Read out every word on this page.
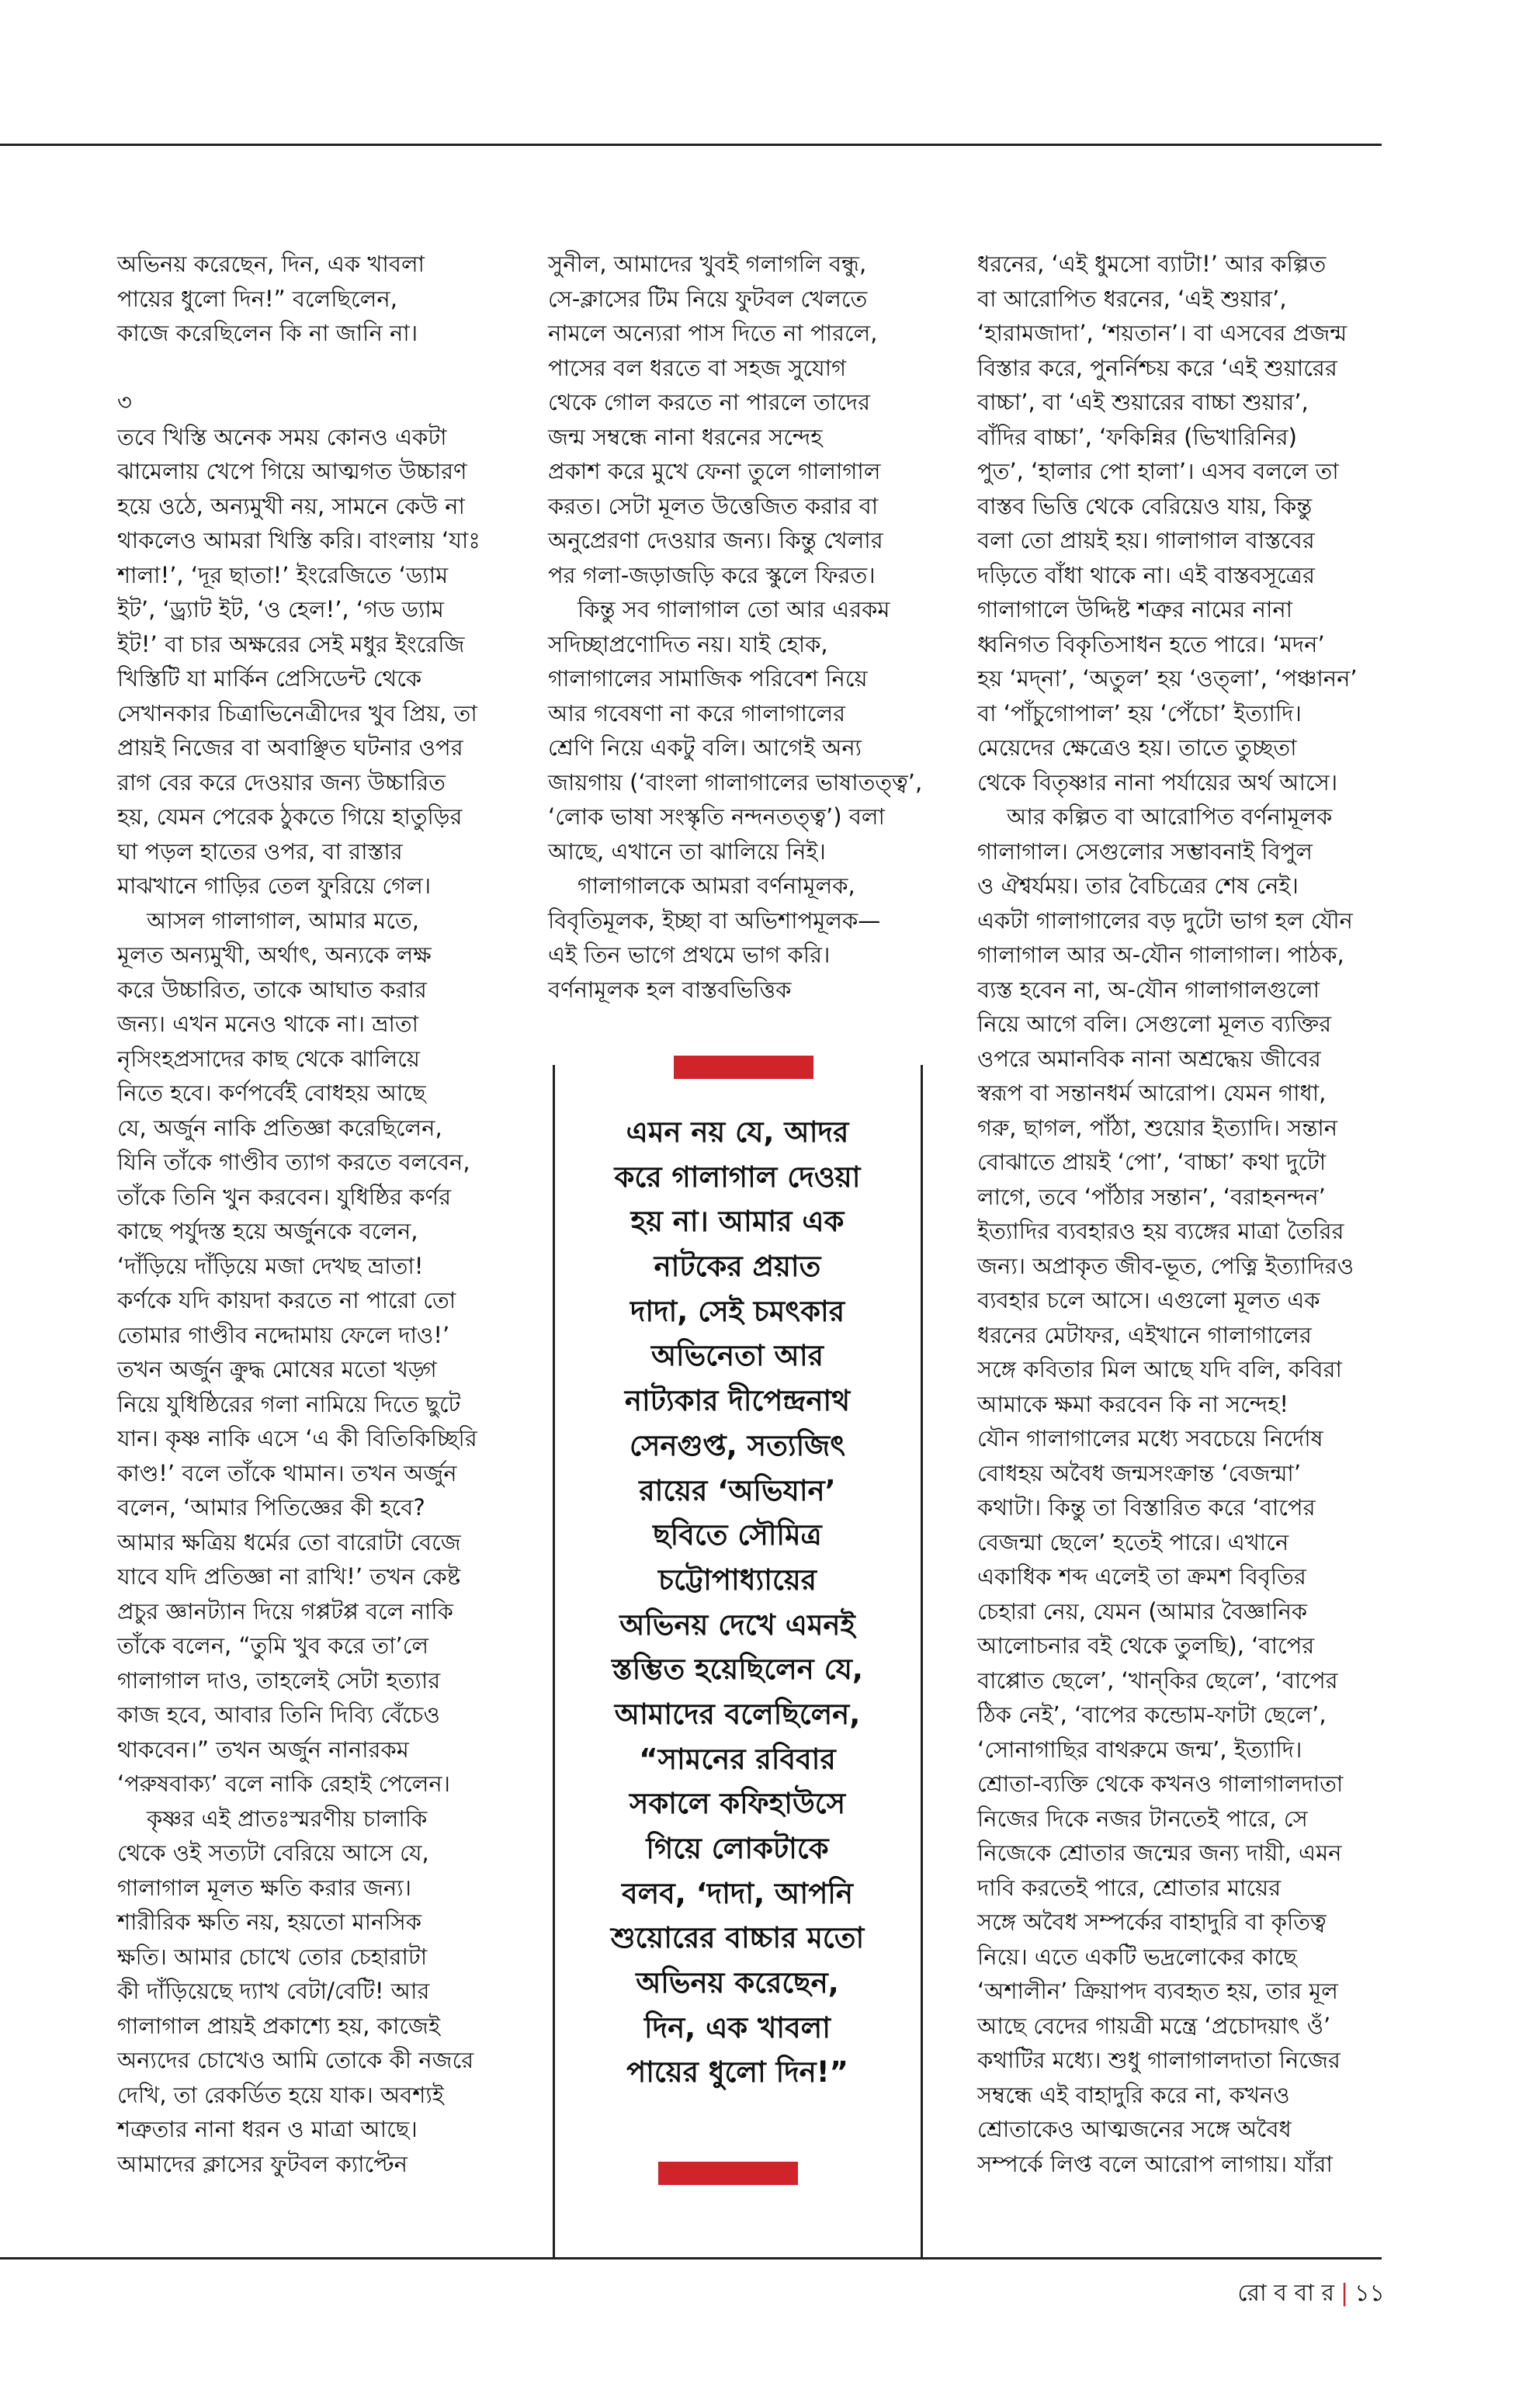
অভিনয় করেছেন, দিন, এক খাবলা
পায়ের ধুলো দিন!” বলেছিলেন,
কাজে করেছিলেন কি না জানি না।
৩
তবে খিস্তি অনেক সময় কোনও একটা
ঝামেলায় খেপে গিয়ে আত্মগত উচ্চারণ
হয়ে ওঠে, অন্যমুখী নয়, সামনে কেউ না
থাকলেও আমরা খিস্তি করি। বাংলায় ‘যাঃ
শালা!’, ‘দূর ছাতা!’ ইংরেজিতে ‘ড্যাম
ইট’, ‘ড্র্যাট ইট, ‘ও হেল!’, ‘গড ড্যাম
ইট!’ বা চার অক্ষরের সেই মধুর ইংরেজি
খিস্তিটি যা মার্কিন প্রেসিডেন্ট থেকে
সেখানকার চিত্রাভিনেত্রীদের খুব প্রিয়, তা
প্রায়ই নিজের বা অবাঞ্ছিত ঘটনার ওপর
রাগ বের করে দেওয়ার জন্য উচ্চারিত
হয়, যেমন পেরেক ঠুকতে গিয়ে হাতুড়ির
ঘা পড়ল হাতের ওপর, বা রাস্তার
মাঝখানে গাড়ির তেল ফুরিয়ে গেল।
আসল গালাগাল, আমার মতে,
মূলত অন্যমুখী, অর্থাৎ, অন্যকে লক্ষ
করে উচ্চারিত, তাকে আঘাত করার
জন্য। এখন মনেও থাকে না। ভ্রাতা
নৃসিংহপ্রসাদের কাছ থেকে ঝালিয়ে
নিতে হবে। কর্ণপর্বেই বোধহয় আছে
যে, অর্জুন নাকি প্রতিজ্ঞা করেছিলেন,
যিনি তাঁকে গাণ্ডীব ত্যাগ করতে বলবেন,
তাঁকে তিনি খুন করবেন। যুধিষ্ঠির কর্ণর
কাছে পর্যুদস্ত হয়ে অর্জুনকে বলেন,
‘দাঁড়িয়ে দাঁড়িয়ে মজা দেখছ ভ্রাতা!
কর্ণকে যদি কায়দা করতে না পারো তো
তোমার গাণ্ডীব নদ্দোমায় ফেলে দাও!’
তখন অর্জুন ক্রুদ্ধ মোষের মতো খড়্গ
নিয়ে যুধিষ্ঠিরের গলা নামিয়ে দিতে ছুটে
যান। কৃষ্ণ নাকি এসে ‘এ কী বিতিকিচ্ছিরি
কাণ্ড!’ বলে তাঁকে থামান। তখন অর্জুন
বলেন, ‘আমার পিতিজ্ঞের কী হবে?
আমার ক্ষত্রিয় ধর্মের তো বারোটা বেজে
যাবে যদি প্রতিজ্ঞা না রাখি!’ তখন কেষ্ট
প্রচুর জ্ঞানট্যান দিয়ে গপ্পটপ্প বলে নাকি
তাঁকে বলেন, “তুমি খুব করে তা’লে
গালাগাল দাও, তাহলেই সেটা হত্যার
কাজ হবে, আবার তিনি দিব্যি বেঁচেও
থাকবেন।” তখন অর্জুন নানারকম
‘পরুষবাক্য’ বলে নাকি রেহাই পেলেন।
কৃষ্ণর এই প্রাতঃস্মরণীয় চালাকি
থেকে ওই সত্যটা বেরিয়ে আসে যে,
গালাগাল মূলত ক্ষতি করার জন্য।
শারীরিক ক্ষতি নয়, হয়তো মানসিক
ক্ষতি। আমার চোখে তোর চেহারাটা
কী দাঁড়িয়েছে দ্যাখ বেটা/বেটি! আর
গালাগাল প্রায়ই প্রকাশ্যে হয়, কাজেই
অন্যদের চোখেও আমি তোকে কী নজরে
দেখি, তা রেকর্ডিত হয়ে যাক। অবশ্যই
শত্রুতার নানা ধরন ও মাত্রা আছে।
আমাদের ক্লাসের ফুটবল ক্যাপ্টেন
সুনীল, আমাদের খুবই গলাগলি বন্ধু,
সে-ক্লাসের টিম নিয়ে ফুটবল খেলতে
নামলে অন্যেরা পাস দিতে না পারলে,
পাসের বল ধরতে বা সহজ সুযোগ
থেকে গোল করতে না পারলে তাদের
জন্ম সম্বন্ধে নানা ধরনের সন্দেহ
প্রকাশ করে মুখে ফেনা তুলে গালাগাল
করত। সেটা মূলত উত্তেজিত করার বা
অনুপ্রেরণা দেওয়ার জন্য। কিন্তু খেলার
পর গলা-জড়াজড়ি করে স্কুলে ফিরত।
কিন্তু সব গালাগাল তো আর এরকম
সদিচ্ছাপ্রণোদিত নয়। যাই হোক,
গালাগালের সামাজিক পরিবেশ নিয়ে
আর গবেষণা না করে গালাগালের
শ্রেণি নিয়ে একটু বলি। আগেই অন্য
জায়গায় (‘বাংলা গালাগালের ভাষাতত্ত্ব’,
‘লোক ভাষা সংস্কৃতি নন্দনতত্ত্ব’) বলা
আছে, এখানে তা ঝালিয়ে নিই।
গালাগালকে আমরা বর্ণনামূলক,
বিবৃতিমূলক, ইচ্ছা বা অভিশাপমূলক—
এই তিন ভাগে প্রথমে ভাগ করি।
বর্ণনামূলক হল বাস্তবভিত্তিক
ধরনের, ‘এই ধুমসো ব্যাটা!’ আর কল্পিত
বা আরোপিত ধরনের, ‘এই শুয়ার’,
‘হারামজাদা’, ‘শয়তান’। বা এসবের প্রজন্ম
বিস্তার করে, পুনর্নিশ্চয় করে ‘এই শুয়ারের
বাচ্চা’, বা ‘এই শুয়ারের বাচ্চা শুয়ার’,
বাঁদির বাচ্চা’, ‘ফকিন্নির (ভিখারিনির)
পুত’, ‘হালার পো হালা’। এসব বললে তা
বাস্তব ভিত্তি থেকে বেরিয়েও যায়, কিন্তু
বলা তো প্রায়ই হয়। গালাগাল বাস্তবের
দড়িতে বাঁধা থাকে না। এই বাস্তবসূত্রের
গালাগালে উদ্দিষ্ট শত্রুর নামের নানা
ধ্বনিগত বিকৃতিসাধন হতে পারে। ‘মদন’
হয় ‘মদ্‌না’, ‘অতুল’ হয় ‘ওত্‌লা’, ‘পঞ্চানন’
বা ‘পাঁচুগোপাল’ হয় ‘পেঁচো’ ইত্যাদি।
মেয়েদের ক্ষেত্রেও হয়। তাতে তুচ্ছতা
থেকে বিতৃষ্ণার নানা পর্যায়ের অর্থ আসে।
আর কল্পিত বা আরোপিত বর্ণনামূলক
গালাগাল। সেগুলোর সম্ভাবনাই বিপুল
ও ঐশ্বর্যময়। তার বৈচিত্রের শেষ নেই।
একটা গালাগালের বড় দুটো ভাগ হল যৌন
গালাগাল আর অ-যৌন গালাগাল। পাঠক,
ব্যস্ত হবেন না, অ-যৌন গালাগালগুলো
নিয়ে আগে বলি। সেগুলো মূলত ব্যক্তির
ওপরে অমানবিক নানা অশ্রদ্ধেয় জীবের
স্বরূপ বা সন্তানধর্ম আরোপ। যেমন গাধা,
গরু, ছাগল, পাঁঠা, শুয়োর ইত্যাদি। সন্তান
বোঝাতে প্রায়ই ‘পো’, ‘বাচ্চা’ কথা দুটো
লাগে, তবে ‘পাঁঠার সন্তান’, ‘বরাহনন্দন’
ইত্যাদির ব্যবহারও হয় ব্যঙ্গের মাত্রা তৈরির
জন্য। অপ্রাকৃত জীব-ভূত, পেত্নি ইত্যাদিরও
ব্যবহার চলে আসে। এগুলো মূলত এক
ধরনের মেটাফর, এইখানে গালাগালের
সঙ্গে কবিতার মিল আছে যদি বলি, কবিরা
আমাকে ক্ষমা করবেন কি না সন্দেহ!
যৌন গালাগালের মধ্যে সবচেয়ে নির্দোষ
বোধহয় অবৈধ জন্মসংক্রান্ত ‘বেজন্মা’
কথাটা। কিন্তু তা বিস্তারিত করে ‘বাপের
বেজন্মা ছেলে’ হতেই পারে। এখানে
একাধিক শব্দ এলেই তা ক্রমশ বিবৃতির
চেহারা নেয়, যেমন (আমার বৈজ্ঞানিক
আলোচনার বই থেকে তুলছি), ‘বাপের
বাপ্পোত ছেলে’, ‘খান্‌কির ছেলে’, ‘বাপের
ঠিক নেই’, ‘বাপের কন্ডোম-ফাটা ছেলে’,
‘সোনাগাছির বাথরুমে জন্ম’, ইত্যাদি।
শ্রোতা-ব্যক্তি থেকে কখনও গালাগালদাতা
নিজের দিকে নজর টানতেই পারে, সে
নিজেকে শ্রোতার জন্মের জন্য দায়ী, এমন
দাবি করতেই পারে, শ্রোতার মায়ের
সঙ্গে অবৈধ সম্পর্কের বাহাদুরি বা কৃতিত্ব
নিয়ে। এতে একটি ভদ্রলোকের কাছে
‘অশালীন’ ক্রিয়াপদ ব্যবহৃত হয়, তার মূল
আছে বেদের গায়ত্রী মন্ত্রে ‘প্রচোদয়াৎ ওঁ’
কথাটির মধ্যে। শুধু গালাগালদাতা নিজের
সম্বন্ধে এই বাহাদুরি করে না, কখনও
শ্রোতাকেও আত্মজনের সঙ্গে অবৈধ
সম্পর্কে লিপ্ত বলে আরোপ লাগায়। যাঁরা
এমন নয় যে, আদর
করে গালাগাল দেওয়া
হয় না। আমার এক
নাটকের প্রয়াত
দাদা, সেই চমৎকার
অভিনেতা আর
নাট্যকার দীপেন্দ্রনাথ
সেনগুপ্ত, সত্যজিৎ
রায়ের ‘অভিযান’
ছবিতে সৌমিত্র
চট্টোপাধ্যায়ের
অভিনয় দেখে এমনই
স্তম্ভিত হয়েছিলেন যে,
আমাদের বলেছিলেন,
“সামনের রবিবার
সকালে কফিহাউসে
গিয়ে লোকটাকে
বলব, ‘দাদা, আপনি
শুয়োরের বাচ্চার মতো
অভিনয় করেছেন,
দিন, এক খাবলা
পায়ের ধুলো দিন!”
রো ব বা র | ১১
